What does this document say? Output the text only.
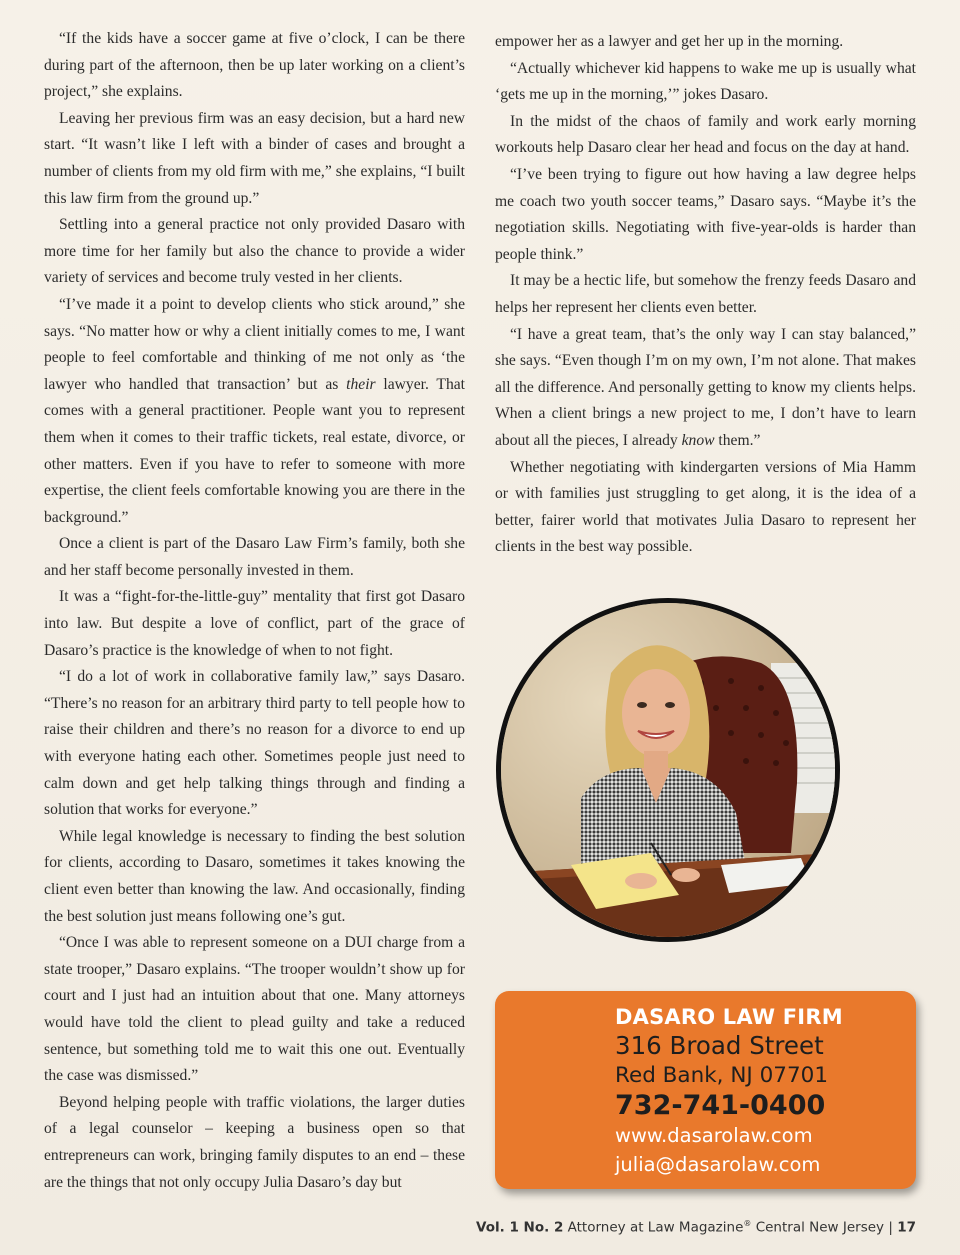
“If the kids have a soccer game at five o’clock, I can be there during part of the afternoon, then be up later working on a client’s project,” she explains.

Leaving her previous firm was an easy decision, but a hard new start. “It wasn’t like I left with a binder of cases and brought a number of clients from my old firm with me,” she explains, “I built this law firm from the ground up.”

Settling into a general practice not only provided Dasaro with more time for her family but also the chance to provide a wider variety of services and become truly vested in her clients.

“I’ve made it a point to develop clients who stick around,” she says. “No matter how or why a client initially comes to me, I want people to feel comfortable and thinking of me not only as ‘the lawyer who handled that transaction’ but as their lawyer. That comes with a general practitioner. People want you to represent them when it comes to their traffic tickets, real estate, divorce, or other matters. Even if you have to refer to someone with more expertise, the client feels comfortable knowing you are there in the background.”

Once a client is part of the Dasaro Law Firm’s family, both she and her staff become personally invested in them.

It was a “fight-for-the-little-guy” mentality that first got Dasaro into law. But despite a love of conflict, part of the grace of Dasaro’s practice is the knowledge of when to not fight.

“I do a lot of work in collaborative family law,” says Dasaro. “There’s no reason for an arbitrary third party to tell people how to raise their children and there’s no reason for a divorce to end up with everyone hating each other. Sometimes people just need to calm down and get help talking things through and finding a solution that works for everyone.”

While legal knowledge is necessary to finding the best solution for clients, according to Dasaro, sometimes it takes knowing the client even better than knowing the law. And occasionally, finding the best solution just means following one’s gut.

“Once I was able to represent someone on a DUI charge from a state trooper,” Dasaro explains. “The trooper wouldn’t show up for court and I just had an intuition about that one. Many attorneys would have told the client to plead guilty and take a reduced sentence, but something told me to wait this one out. Eventually the case was dismissed.”

Beyond helping people with traffic violations, the larger duties of a legal counselor – keeping a business open so that entrepreneurs can work, bringing family disputes to an end – these are the things that not only occupy Julia Dasaro’s day but

empower her as a lawyer and get her up in the morning.

“Actually whichever kid happens to wake me up is usually what ‘gets me up in the morning,’” jokes Dasaro.

In the midst of the chaos of family and work early morning workouts help Dasaro clear her head and focus on the day at hand.

“I’ve been trying to figure out how having a law degree helps me coach two youth soccer teams,” Dasaro says. “Maybe it’s the negotiation skills. Negotiating with five-year-olds is harder than people think.”

It may be a hectic life, but somehow the frenzy feeds Dasaro and helps her represent her clients even better.

“I have a great team, that’s the only way I can stay balanced,” she says. “Even though I’m on my own, I’m not alone. That makes all the difference. And personally getting to know my clients helps. When a client brings a new project to me, I don’t have to learn about all the pieces, I already know them.”

Whether negotiating with kindergarten versions of Mia Hamm or with families just struggling to get along, it is the idea of a better, fairer world that motivates Julia Dasaro to represent her clients in the best way possible.

DASARO LAW FIRM
316 Broad Street
Red Bank, NJ 07701
732-741-0400
www.dasarolaw.com
julia@dasarolaw.com
Vol. 1 No. 2 Attorney at Law Magazine® Central New Jersey | 17
